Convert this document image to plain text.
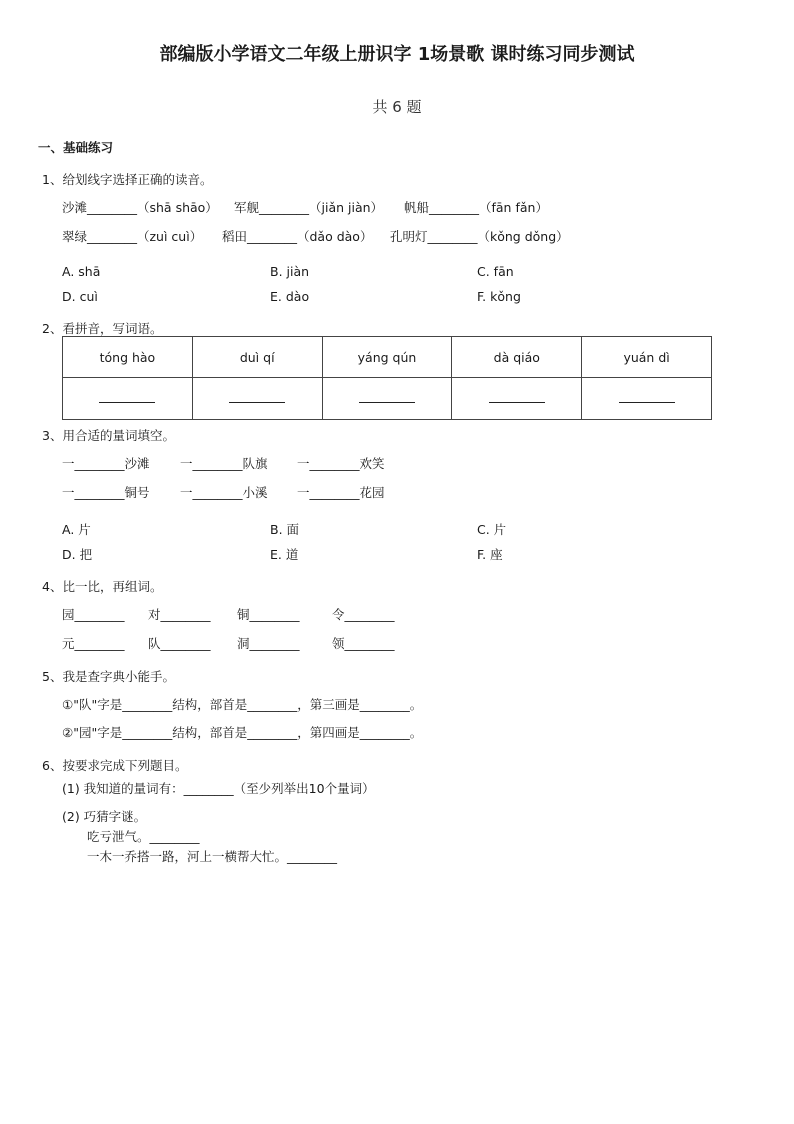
部编版小学语文二年级上册识字 1场景歌 课时练习同步测试
共 6 题
一、基础练习
1、给划线字选择正确的读音。
沙滩________（shā shāo） 军舰________（jiǎn jiàn） 帆船________（fān fǎn）
翠绿________（zuì cuì） 稻田________（dǎo dào） 孔明灯________（kǒng dǒng）
A. shā	B. jiàn	C. fān
D. cuì	E. dào	F. kǒng
2、看拼音，写词语。
tóng hào	duì qí	yáng qún	dà qiáo	yuán dì

3、用合适的量词填空。
一________沙滩 一________队旗 一________欢笑
一________铜号 一________小溪 一________花园
A. 片	B. 面	C. 片
D. 把	E. 道	F. 座
4、比一比，再组词。
园________ 对________ 铜________	令________
元________ 队________ 洞________	领________
5、我是查字典小能手。
①"队"字是________结构，部首是________，第三画是________。
②"园"字是________结构，部首是________，第四画是________。
6、按要求完成下列题目。
(1) 我知道的量词有：________（至少列举出10个量词）
(2) 巧猜字谜。
吃亏泄气。________
一木一乔搭一路，河上一横帮大忙。________
